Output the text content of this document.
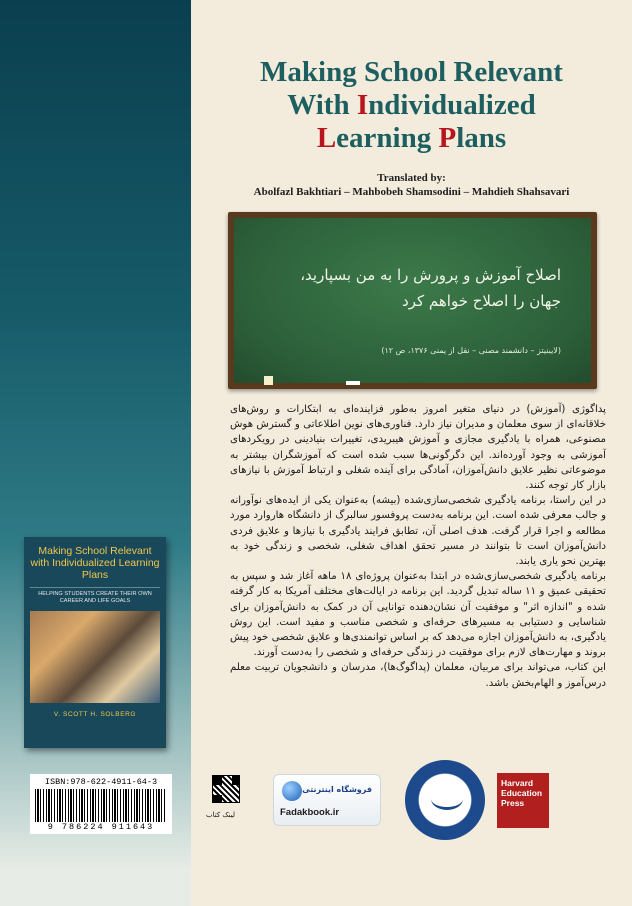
Making School Relevant
With Individualized
Learning Plans
Translated by:
Abolfazl Bakhtiari – Mahbobeh Shamsodini – Mahdieh Shahsavari
اصلاح آموزش و پرورش را به من بسپارید،
جهان را اصلاح خواهم کرد
(لایبنیتز – دانشمند مصنی – نقل از یمنی ۱۳۷۶، ص ۱۲)

پداگوژی (آموزش) در دنیای متغیر امروز به‌طور فزاینده‌ای به ابتکارات و روش‌های خلاقانه‌ای از سوی معلمان و مدیران نیاز دارد. فناوری‌های نوین اطلاعاتی و گسترش هوش مصنوعی، همراه با یادگیری مجازی و آموزش هیبریدی، تغییرات بنیادینی در رویکردهای آموزشی به وجود آورده‌اند. این دگرگونی‌ها سبب شده است که آموزشگران بیشتر به موضوعاتی نظیر علایق دانش‌آموزان، آمادگی برای آینده شغلی و ارتباط آموزش با نیازهای بازار کار توجه کنند.

در این راستا، برنامه یادگیری شخصی‌سازی‌شده (بیشه) به‌عنوان یکی از ایده‌های نوآورانه و جالب معرفی شده است. این برنامه به‌دست پروفسور سالبرگ از دانشگاه هاروارد مورد مطالعه و اجرا قرار گرفت. هدف اصلی آن، تطابق فرایند یادگیری با نیازها و علایق فردی دانش‌آموزان است تا بتوانند در مسیر تحقق اهداف شغلی، شخصی و زندگی خود به بهترین نحو یاری یابند.

برنامه یادگیری شخصی‌سازی‌شده در ابتدا به‌عنوان پروژه‌ای ۱۸ ماهه آغاز شد و سپس به تحقیقی عمیق و ۱۱ ساله تبدیل گردید. این برنامه در ایالت‌های مختلف آمریکا به کار گرفته شده و "اندازه اثر" و موفقیت آن نشان‌دهنده توانایی آن در کمک به دانش‌آموزان برای شناسایی و دستیابی به مسیرهای حرفه‌ای و شخصی مناسب و مفید است. این روش یادگیری، به دانش‌آموزان اجازه می‌دهد که بر اساس توانمندی‌ها و علایق شخصی خود پیش بروند و مهارت‌های لازم برای موفقیت در زندگی حرفه‌ای و شخصی را به‌دست آورند.

این کتاب، می‌تواند برای مربیان، معلمان (پداگوگ‌ها)، مدرسان و دانشجویان تربیت معلم درس‌آموز و الهام‌بخش باشد.

Making School Relevant with Individualized Learning Plans
HELPING STUDENTS CREATE THEIR OWN CAREER AND LIFE GOALS
V. SCOTT H. SOLBERG
ISBN:978-622-4911-64-3
9 786224 911643
لینک کتاب
فروشگاه اینترنتی
Fadakbook.ir
Harvard Education Press
